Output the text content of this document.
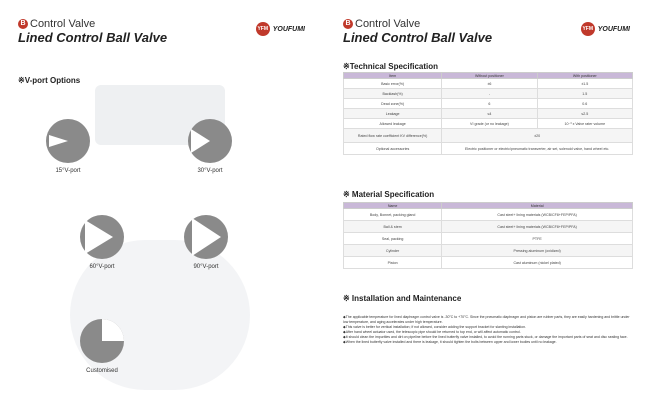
B Control Valve
Lined Control Ball Valve
YFM YOUFUMI
※V-port Options
15°V-port	30°V-port
60°V-port	90°V-port
Customised
B Control Valve
Lined Control Ball Valve
YFM YOUFUMI
※Technical Specification
Item	Without positioner	With positioner
Basic error(%)	±6	±1.5
Backlash(%)	-	1.5
Dead zone(%)	6	0.6
Leakage	≤4	≤2.5
Allowed leakage	VI grade (or no leakage)	10⁻³ x Valve rater volume
Rated flow rate coefficient KV difference(%)	±20	
Optional accessories	Electric positioner or electric/pneumatic transverter, air set, solenoid valve, hand wheel etc.	
※ Material Specification
Name	Material
Body, Bonnet, packing gland	Cast steel+ lining materials (WCB/CF8+FEP/PFA)
Ball & stem	Cast steel+ lining materials (WCB/CF8+FEP/PFA)
Seal, packing	PTFE
Cylinder	Pressing aluminum (oxidized)
Piston	Cast aluminum (nickel plated)
※ Installation and Maintenance
◆The applicable temperature for lined diaphragm control valve is -30°C to +70°C. Since the pneumatic diaphragm and piston are rubber parts, they are easily hardening and brittle under low temperature, and aging accelerates under high temperature.
◆This valve is better for vertical installation; if not allowed, consider adding the support bracket for slanting installation.
◆After hand wheel actuator used, the telescopic pipe should be returned to top end, or will affect automatic control.
◆It should clean the impurities and dirt on pipeline before the lined butterfly valve installed, to avoid the running parts stuck, or damage the important parts of seat and disc sealing face.
◆When the lined butterfly valve installed and there is leakage, it should tighten the bolts between upper and lower bodies until no leakage.
